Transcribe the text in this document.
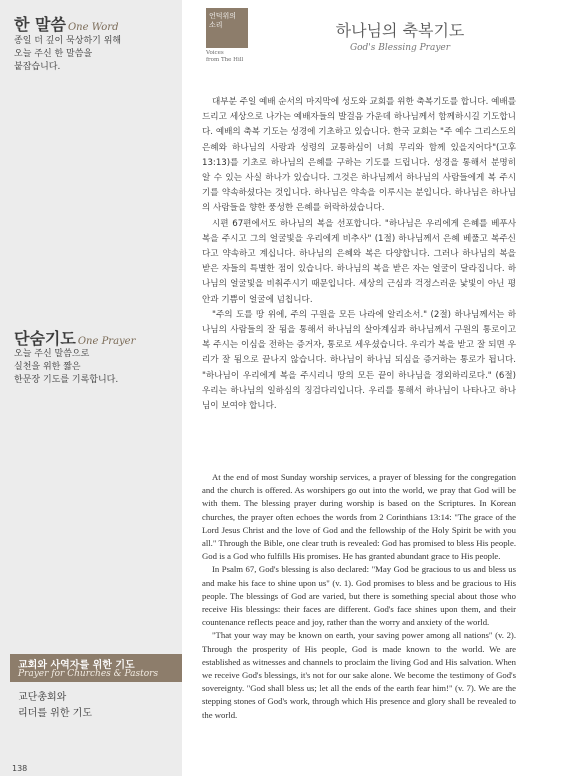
한 말씀 One Word
종일 더 깊이 묵상하기 위해
오늘 주신 한 말씀을
붙잡습니다.
단숨기도 One Prayer
오늘 주신 말씀으로
실천을 위한 짧은
한문장 기도를 기록합니다.
교회와 사역자를 위한 기도
Prayer for Churches & Pastors
교단총회와
리더를 위한 기도
138
언덕위의
소리
Voices
from The Hill
하나님의 축복기도
God's Blessing Prayer

대부분 주일 예배 순서의 마지막에 성도와 교회를 위한 축복기도를 합니다. 예배를 드리고 세상으로 나가는 예배자들의 발걸음 가운데 하나님께서 함께하시길 기도합니다. 예배의 축복 기도는 성경에 기초하고 있습니다. 한국 교회는 "주 예수 그리스도의 은혜와 하나님의 사랑과 성령의 교통하심이 너희 무리와 함께 있을지어다"(고후 13:13)를 기초로 하나님의 은혜를 구하는 기도를 드립니다. 성경을 통해서 분명히 알 수 있는 사실 하나가 있습니다. 그것은 하나님께서 하나님의 사람들에게 복 주시기를 약속하셨다는 것입니다. 하나님은 약속을 이루시는 분입니다. 하나님은 하나님의 사람들을 향한 풍성한 은혜를 허락하셨습니다.

시편 67편에서도 하나님의 복을 선포합니다. "하나님은 우리에게 은혜를 베푸사 복을 주시고 그의 얼굴빛을 우리에게 비추사" (1절) 하나님께서 은혜 베풀고 복주신다고 약속하고 계십니다. 하나님의 은혜와 복은 다양합니다. 그러나 하나님의 복을 받은 자들의 특별한 점이 있습니다. 하나님의 복을 받은 자는 얼굴이 달라집니다. 하나님의 얼굴빛을 비춰주시기 때문입니다. 세상의 근심과 걱정스러운 낯빛이 아닌 평안과 기쁨이 얼굴에 넘칩니다.

"주의 도를 땅 위에, 주의 구원을 모든 나라에 알리소서." (2절) 하나님께서는 하나님의 사람들의 잘 됨을 통해서 하나님의 살아계심과 하나님께서 구원의 통로이고 복 주시는 이심을 전하는 증거자, 통로로 세우셨습니다. 우리가 복을 받고 잘 되면 우리가 잘 됨으로 끝나지 않습니다. 하나님이 하나님 되심을 증거하는 통로가 됩니다. "하나님이 우리에게 복을 주시리니 땅의 모든 끝이 하나님을 경외하리로다." (6절) 우리는 하나님의 일하심의 징검다리입니다. 우리를 통해서 하나님이 나타나고 하나님이 보여야 합니다.

At the end of most Sunday worship services, a prayer of blessing for the congregation and the church is offered. As worshipers go out into the world, we pray that God will be with them. The blessing prayer during worship is based on the Scriptures. In Korean churches, the prayer often echoes the words from 2 Corinthians 13:14: "The grace of the Lord Jesus Christ and the love of God and the fellowship of the Holy Spirit be with you all." Through the Bible, one clear truth is revealed: God has promised to bless His people. God is a God who fulfills His promises. He has granted abundant grace to His people.

In Psalm 67, God's blessing is also declared: "May God be gracious to us and bless us and make his face to shine upon us" (v. 1). God promises to bless and be gracious to His people. The blessings of God are varied, but there is something special about those who receive His blessings: their faces are different. God's face shines upon them, and their countenance reflects peace and joy, rather than the worry and anxiety of the world.

"That your way may be known on earth, your saving power among all nations" (v. 2). Through the prosperity of His people, God is made known to the world. We are established as witnesses and channels to proclaim the living God and His salvation. When we receive God's blessings, it's not for our sake alone. We become the testimony of God's sovereignty. "God shall bless us; let all the ends of the earth fear him!" (v. 7). We are the stepping stones of God's work, through which His presence and glory shall be revealed to the world.
